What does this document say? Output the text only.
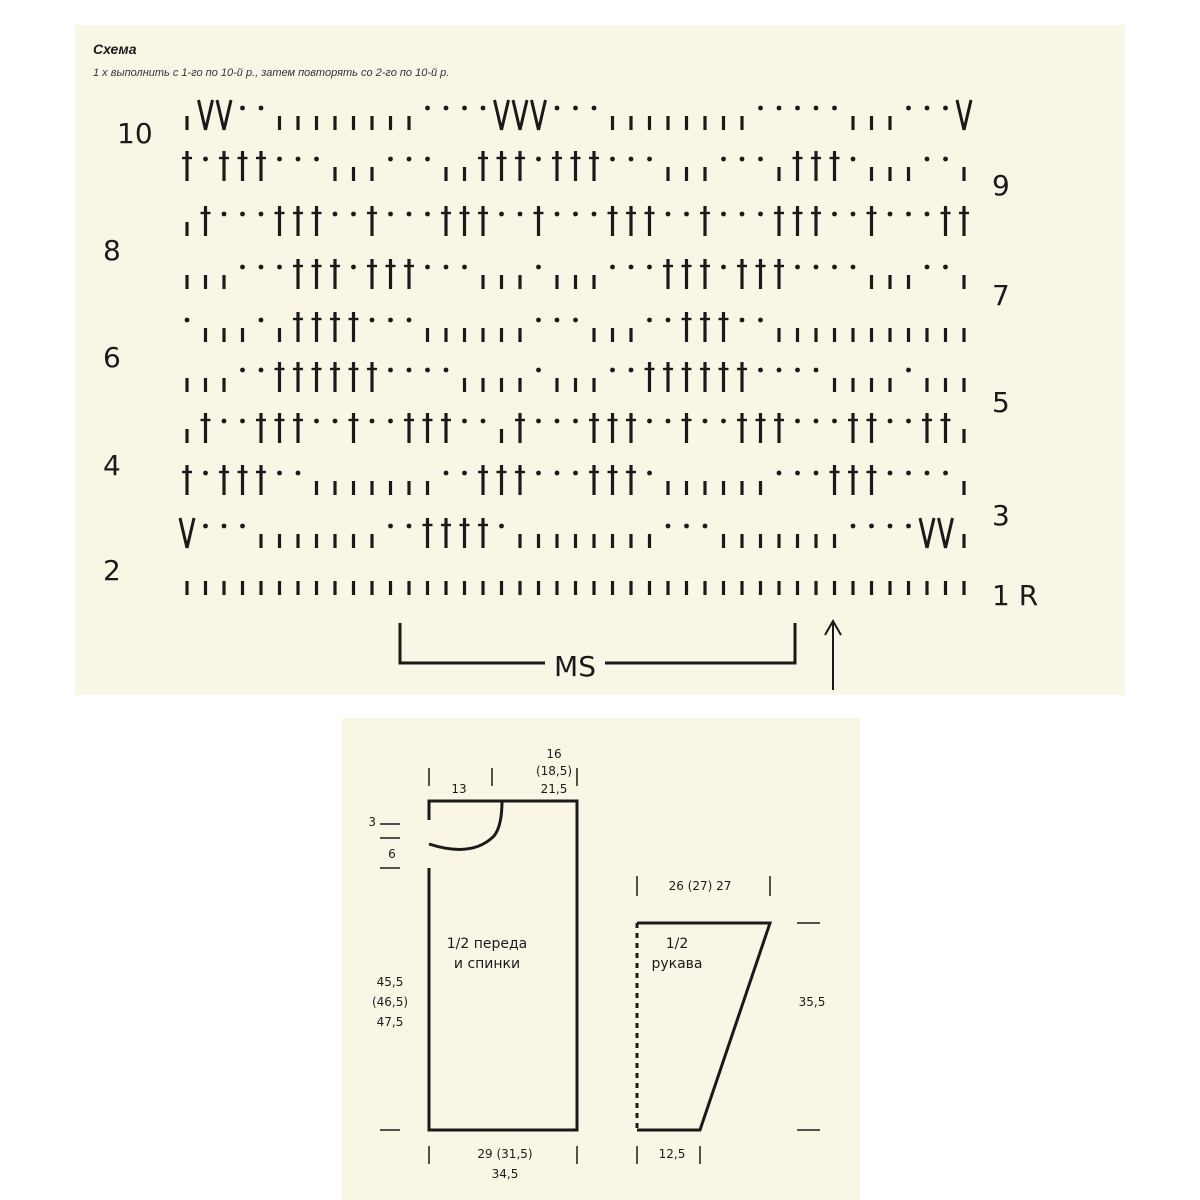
Схема
1 х выполнить с 1-го по 10-й р., затем повторять со 2-го по 10-й р.
10
8
6
4
2
9
7
5
3
1 R
MS
16
(18,5)
21,5
13
3
6
45,5
(46,5)
47,5
1/2 переда
и спинки
29 (31,5)
34,5
26 (27) 27
35,5
12,5
1/2
рукава
